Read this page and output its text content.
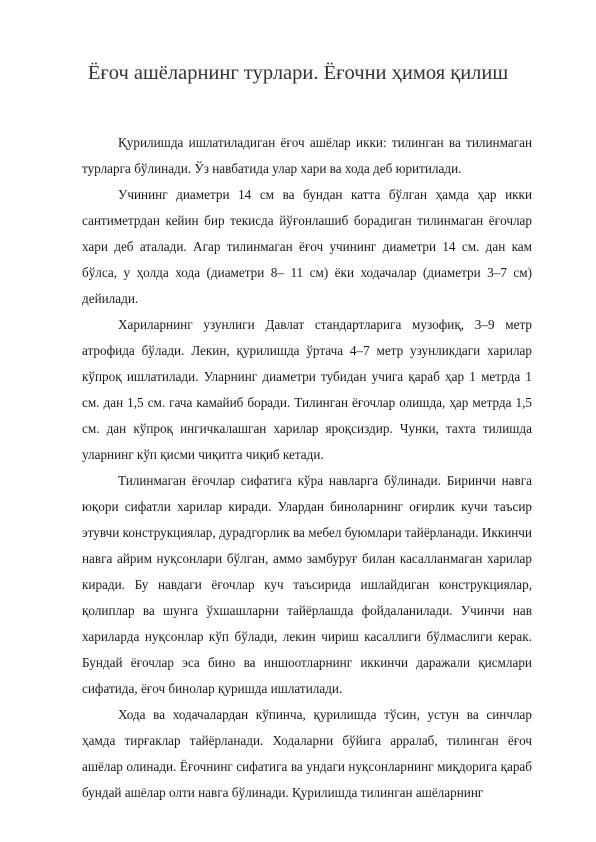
Ёғоч ашёларнинг турлари. Ёғочни ҳимоя қилиш

Қурилишда ишлатиладиган ёғоч ашёлар икки: тилинган ва тилинмаган турларга бўлинади. Ўз навбатида улар хари ва хода деб юритилади.

Учининг диаметри 14 см ва бундан катта бўлган ҳамда ҳар икки сантиметрдан кейин бир текисда йўғонлашиб борадиган тилинмаган ёғочлар хари деб аталади. Агар тилинмаган ёғоч учининг диаметри 14 см. дан кам бўлса, у ҳолда хода (диаметри 8– 11 см) ёки ходачалар (диаметри 3–7 см) дейилади.

Хариларнинг узунлиги Давлат стандартларига музофиқ, 3–9 метр атрофида бўлади. Лекин, қурилишда ўртача 4–7 метр узунликдаги харилар кўпроқ ишлатилади. Уларнинг диаметри тубидан учига қараб ҳар 1 метрда 1 см. дан 1,5 см. гача камайиб боради. Тилинган ёғочлар олишда, ҳар метрда 1,5 см. дан кўпроқ ингичкалашган харилар яроқсиздир. Чунки, тахта тилишда уларнинг кўп қисми чиқитга чиқиб кетади.

Тилинмаган ёғочлар сифатига кўра навларга бўлинади. Биринчи навга юқори сифатли харилар киради. Улардан биноларнинг оғирлик кучи таъсир этувчи конструкциялар, дурадгорлик ва мебел буюмлари тайёрланади. Иккинчи навга айрим нуқсонлари бўлган, аммо замбуруғ билан касалланмаган харилар киради. Бу навдаги ёғочлар куч таъсирида ишлайдиган конструкциялар, қолиплар ва шунга ўхшашларни тайёрлашда фойдаланилади. Учинчи нав хариларда нуқсонлар кўп бўлади, лекин чириш касаллиги бўлмаслиги керак. Бундай ёғочлар эса бино ва иншоотларнинг иккинчи даражали қисмлари сифатида, ёғоч бинолар қуришда ишлатилади.

Хода ва ходачалардан кўпинча, қурилишда тўсин, устун ва синчлар ҳамда тирғаклар тайёрланади. Ходаларни бўйига арралаб, тилинган ёғоч ашёлар олинади. Ёғочнинг сифатига ва ундаги нуқсонларнинг миқдорига қараб бундай ашёлар олти навга бўлинади. Қурилишда тилинган ашёларнинг
